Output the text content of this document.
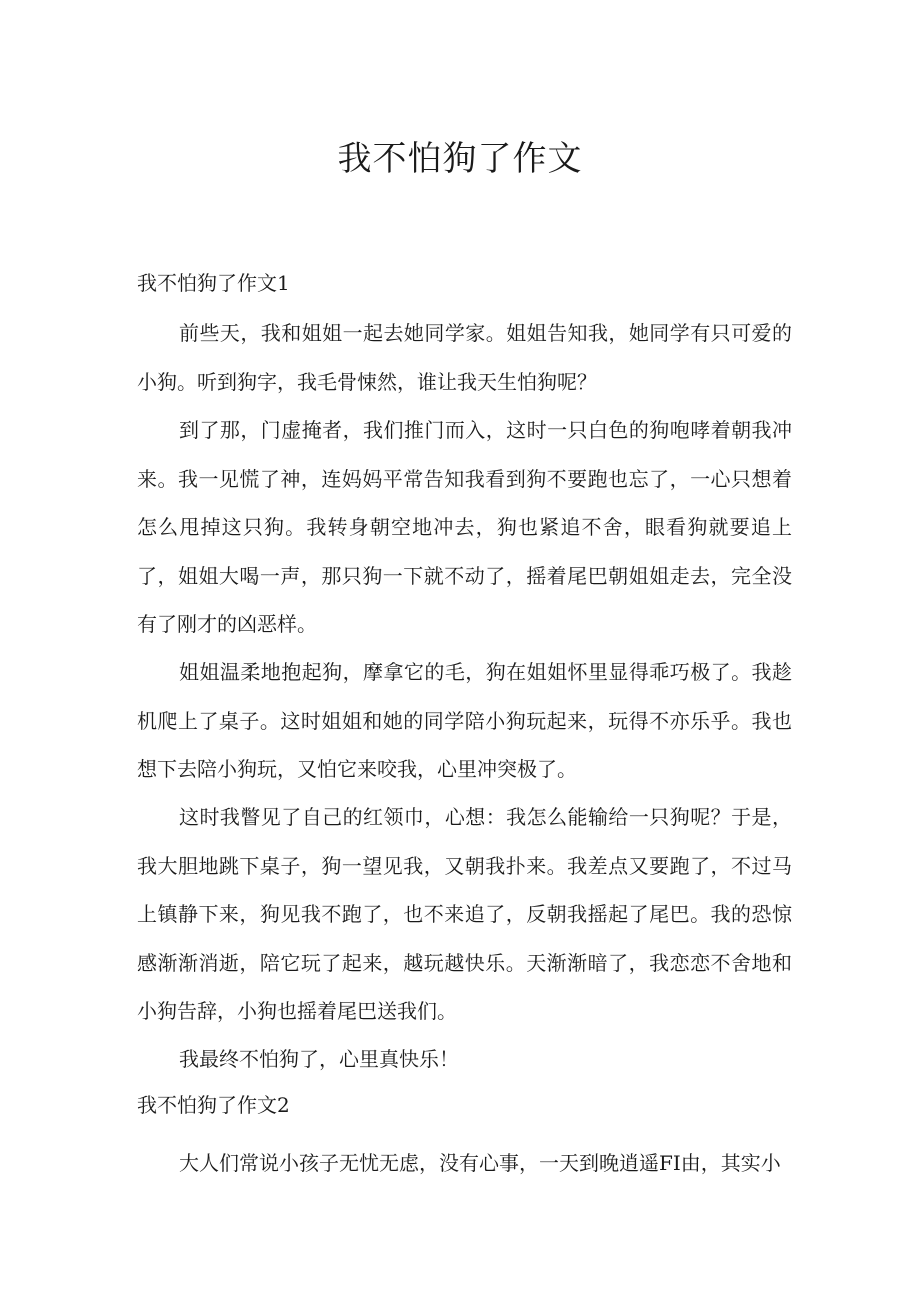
我不怕狗了作文
我不怕狗了作文1

前些天，我和姐姐一起去她同学家。姐姐告知我，她同学有只可爱的小狗。听到狗字，我毛骨悚然，谁让我天生怕狗呢？

到了那，门虚掩者，我们推门而入，这时一只白色的狗咆哮着朝我冲来。我一见慌了神，连妈妈平常告知我看到狗不要跑也忘了，一心只想着怎么甩掉这只狗。我转身朝空地冲去，狗也紧追不舍，眼看狗就要追上了，姐姐大喝一声，那只狗一下就不动了，摇着尾巴朝姐姐走去，完全没有了刚才的凶恶样。

姐姐温柔地抱起狗，摩拿它的毛，狗在姐姐怀里显得乖巧极了。我趁机爬上了桌子。这时姐姐和她的同学陪小狗玩起来，玩得不亦乐乎。我也想下去陪小狗玩，又怕它来咬我，心里冲突极了。

这时我瞥见了自己的红领巾，心想：我怎么能输给一只狗呢？于是，我大胆地跳下桌子，狗一望见我，又朝我扑来。我差点又要跑了，不过马上镇静下来，狗见我不跑了，也不来追了，反朝我摇起了尾巴。我的恐惊感渐渐消逝，陪它玩了起来，越玩越快乐。天渐渐暗了，我恋恋不舍地和小狗告辞，小狗也摇着尾巴送我们。

我最终不怕狗了，心里真快乐！

我不怕狗了作文2

大人们常说小孩子无忧无虑，没有心事，一天到晚逍遥FI由，其实小
